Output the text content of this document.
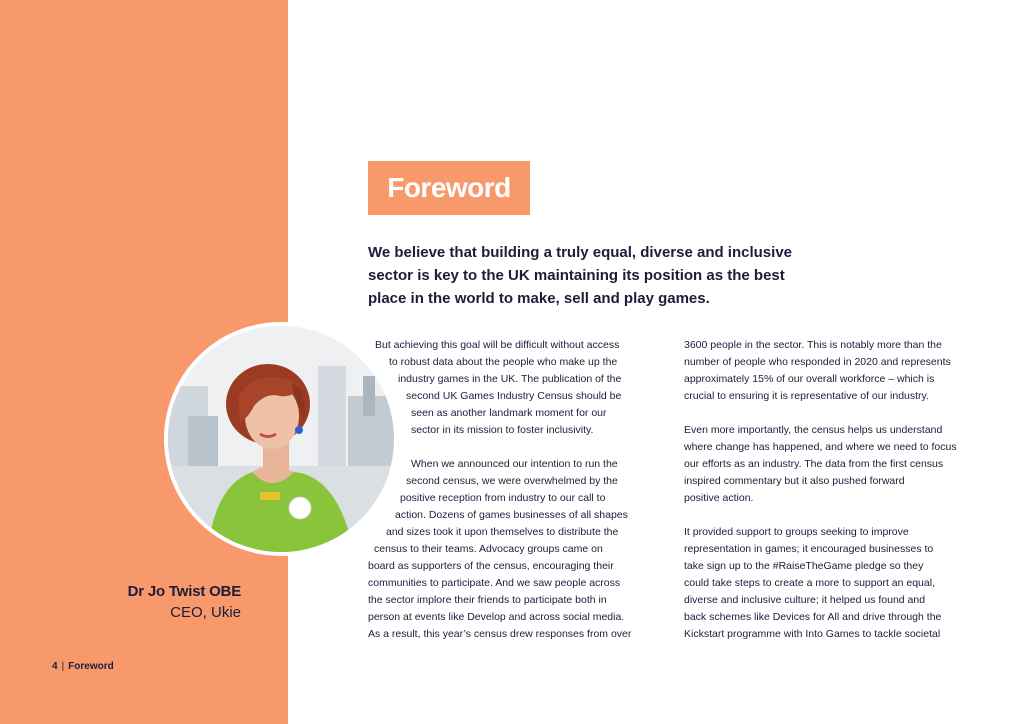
Dr Jo Twist OBE
CEO, Ukie
4 | Foreword
Foreword
We believe that building a truly equal, diverse and inclusive
sector is key to the UK maintaining its position as the best
place in the world to make, sell and play games.
But achieving this goal will be difficult without access
to robust data about the people who make up the
industry games in the UK. The publication of the
second UK Games Industry Census should be
seen as another landmark moment for our
sector in its mission to foster inclusivity.
When we announced our intention to run the
second census, we were overwhelmed by the
positive reception from industry to our call to
action. Dozens of games businesses of all shapes
and sizes took it upon themselves to distribute the
census to their teams. Advocacy groups came on
board as supporters of the census, encouraging their
communities to participate. And we saw people across
the sector implore their friends to participate both in
person at events like Develop and across social media.
As a result, this year’s census drew responses from over

3600 people in the sector. This is notably more than the
number of people who responded in 2020 and represents
approximately 15% of our overall workforce – which is
crucial to ensuring it is representative of our industry.

Even more importantly, the census helps us understand
where change has happened, and where we need to focus
our efforts as an industry. The data from the first census
inspired commentary but it also pushed forward
positive action.

It provided support to groups seeking to improve
representation in games; it encouraged businesses to
take sign up to the #RaiseTheGame pledge so they
could take steps to create a more to support an equal,
diverse and inclusive culture; it helped us found and
back schemes like Devices for All and drive through the
Kickstart programme with Into Games to tackle societal
